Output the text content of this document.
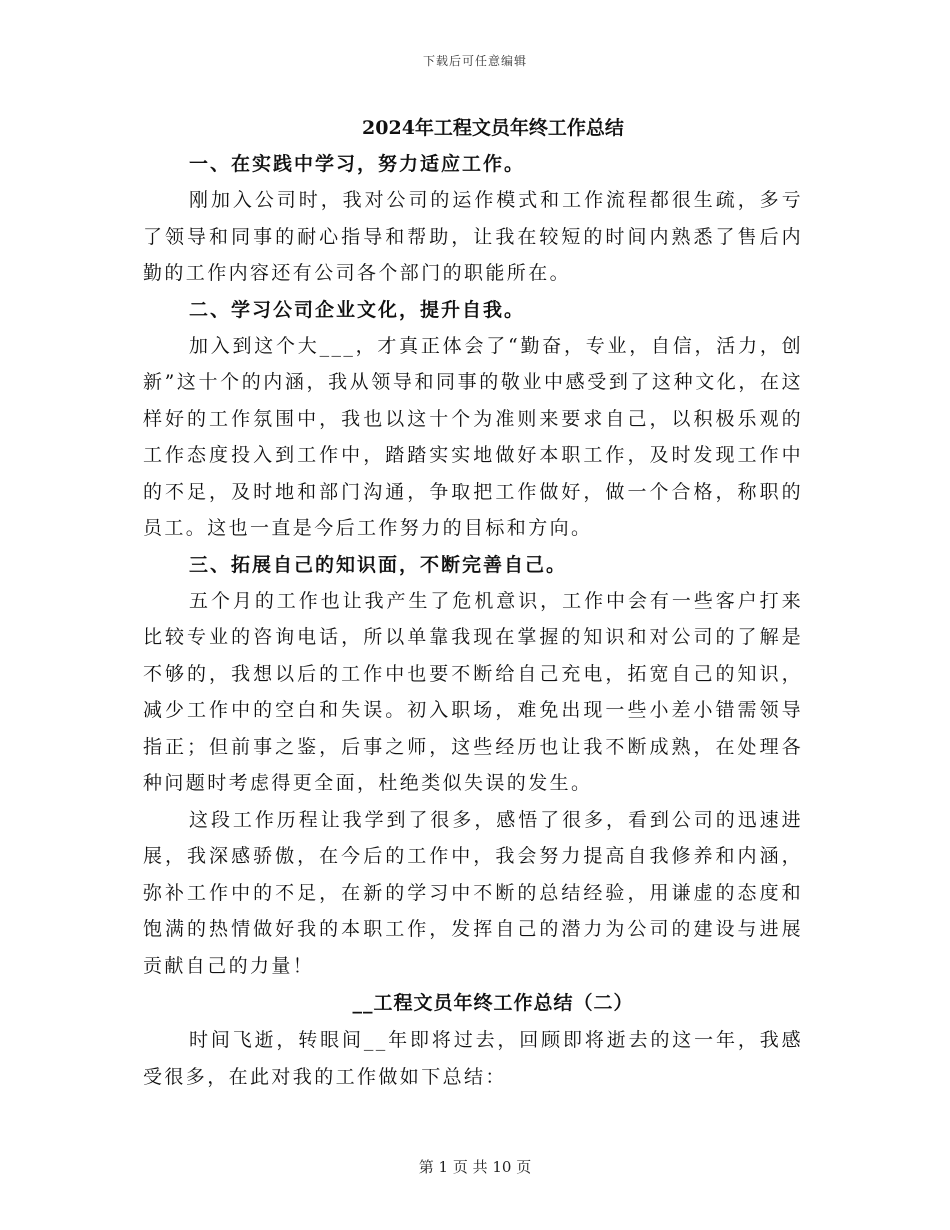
下载后可任意编辑
2024年工程文员年终工作总结
一、在实践中学习，努力适应工作。

刚加入公司时，我对公司的运作模式和工作流程都很生疏，多亏了领导和同事的耐心指导和帮助，让我在较短的时间内熟悉了售后内勤的工作内容还有公司各个部门的职能所在。

二、学习公司企业文化，提升自我。

加入到这个大___，才真正体会了“勤奋，专业，自信，活力，创新”这十个的内涵，我从领导和同事的敬业中感受到了这种文化，在这样好的工作氛围中，我也以这十个为准则来要求自己，以积极乐观的工作态度投入到工作中，踏踏实实地做好本职工作，及时发现工作中的不足，及时地和部门沟通，争取把工作做好，做一个合格，称职的员工。这也一直是今后工作努力的目标和方向。

三、拓展自己的知识面，不断完善自己。

五个月的工作也让我产生了危机意识，工作中会有一些客户打来比较专业的咨询电话，所以单靠我现在掌握的知识和对公司的了解是不够的，我想以后的工作中也要不断给自己充电，拓宽自己的知识，减少工作中的空白和失误。初入职场，难免出现一些小差小错需领导指正；但前事之鉴，后事之师，这些经历也让我不断成熟，在处理各种问题时考虑得更全面，杜绝类似失误的发生。

这段工作历程让我学到了很多，感悟了很多，看到公司的迅速进展，我深感骄傲，在今后的工作中，我会努力提高自我修养和内涵，弥补工作中的不足，在新的学习中不断的总结经验，用谦虚的态度和饱满的热情做好我的本职工作，发挥自己的潜力为公司的建设与进展贡献自己的力量！

__工程文员年终工作总结（二）

时间飞逝，转眼间__年即将过去，回顾即将逝去的这一年，我感受很多，在此对我的工作做如下总结：

第 1 页 共 10 页
